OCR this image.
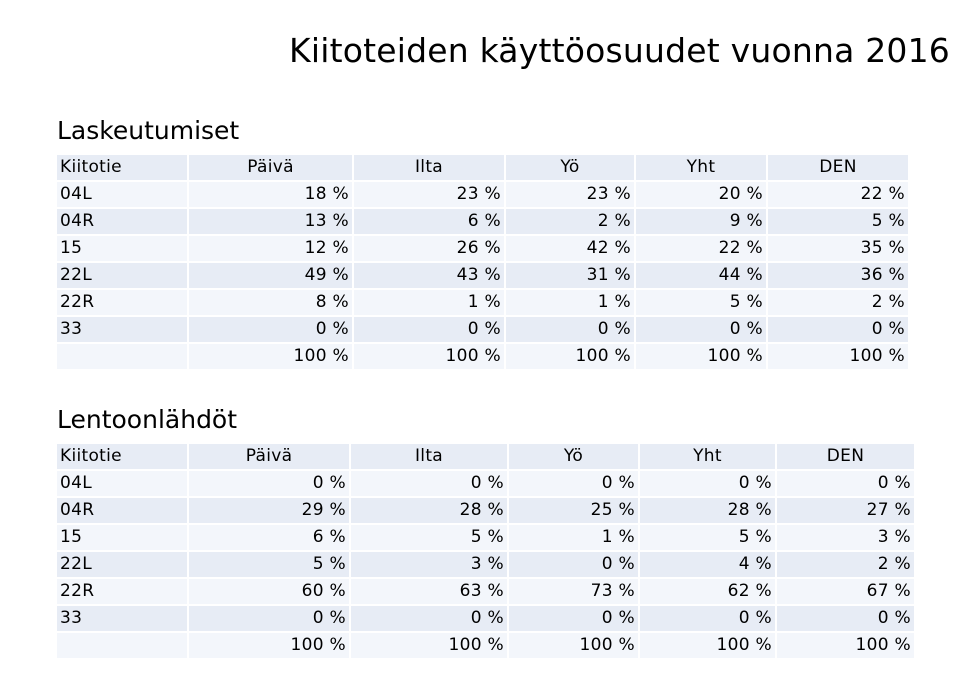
Kiitoteiden käyttöosuudet vuonna 2016
Laskeutumiset
Kiitotie	Päivä	Ilta	Yö	Yht	DEN
04L	18 %	23 %	23 %	20 %	22 %
04R	13 %	6 %	2 %	9 %	5 %
15	12 %	26 %	42 %	22 %	35 %
22L	49 %	43 %	31 %	44 %	36 %
22R	8 %	1 %	1 %	5 %	2 %
33	0 %	0 %	0 %	0 %	0 %
	100 %	100 %	100 %	100 %	100 %
Lentoonlähdöt
Kiitotie	Päivä	Ilta	Yö	Yht	DEN
04L	0 %	0 %	0 %	0 %	0 %
04R	29 %	28 %	25 %	28 %	27 %
15	6 %	5 %	1 %	5 %	3 %
22L	5 %	3 %	0 %	4 %	2 %
22R	60 %	63 %	73 %	62 %	67 %
33	0 %	0 %	0 %	0 %	0 %
	100 %	100 %	100 %	100 %	100 %
